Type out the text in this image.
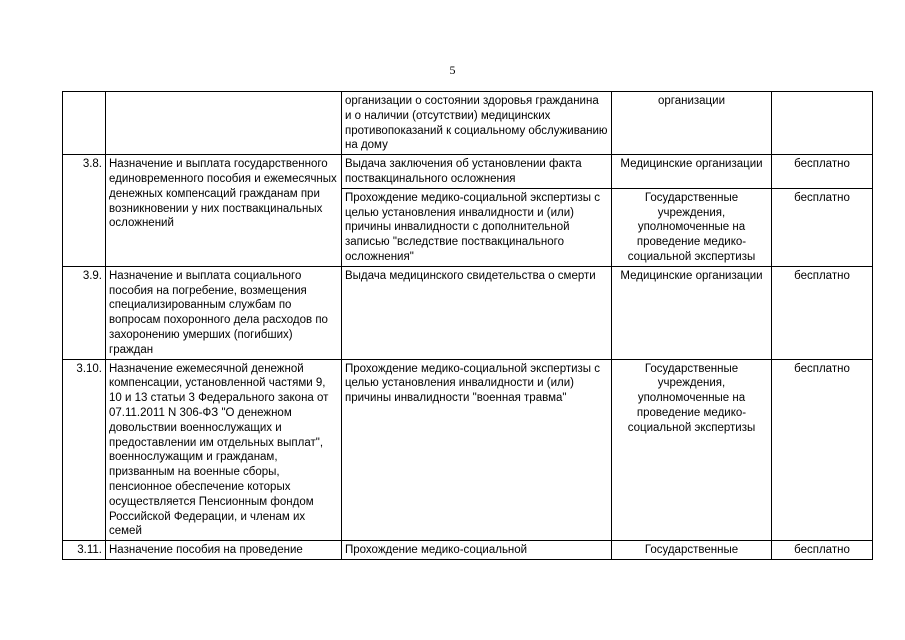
5
		организации о состоянии здоровья гражданина и о наличии (отсутствии) медицинских противопоказаний к социальному обслуживанию на дому	организации	
3.8.	Назначение и выплата государственного единовременного пособия и ежемесячных денежных компенсаций гражданам при возникновении у них поствакцинальных осложнений	Выдача заключения об установлении факта поствакцинального осложнения	Медицинские организации	бесплатно
		Прохождение медико-социальной экспертизы с целью установления инвалидности и (или) причины инвалидности с дополнительной записью "вследствие поствакцинального осложнения"	Государственные учреждения, уполномоченные на проведение медико-социальной экспертизы	бесплатно
3.9.	Назначение и выплата социального пособия на погребение, возмещения специализированным службам по вопросам похоронного дела расходов по захоронению умерших (погибших) граждан	Выдача медицинского свидетельства о смерти	Медицинские организации	бесплатно
3.10.	Назначение ежемесячной денежной компенсации, установленной частями 9, 10 и 13 статьи 3 Федерального закона от 07.11.2011 N 306-ФЗ "О денежном довольствии военнослужащих и предоставлении им отдельных выплат", военнослужащим и гражданам, призванным на военные сборы, пенсионное обеспечение которых осуществляется Пенсионным фондом Российской Федерации, и членам их семей	Прохождение медико-социальной экспертизы с целью установления инвалидности и (или) причины инвалидности "военная травма"	Государственные учреждения, уполномоченные на проведение медико-социальной экспертизы	бесплатно
3.11.	Назначение пособия на проведение	Прохождение медико-социальной	Государственные	бесплатно
